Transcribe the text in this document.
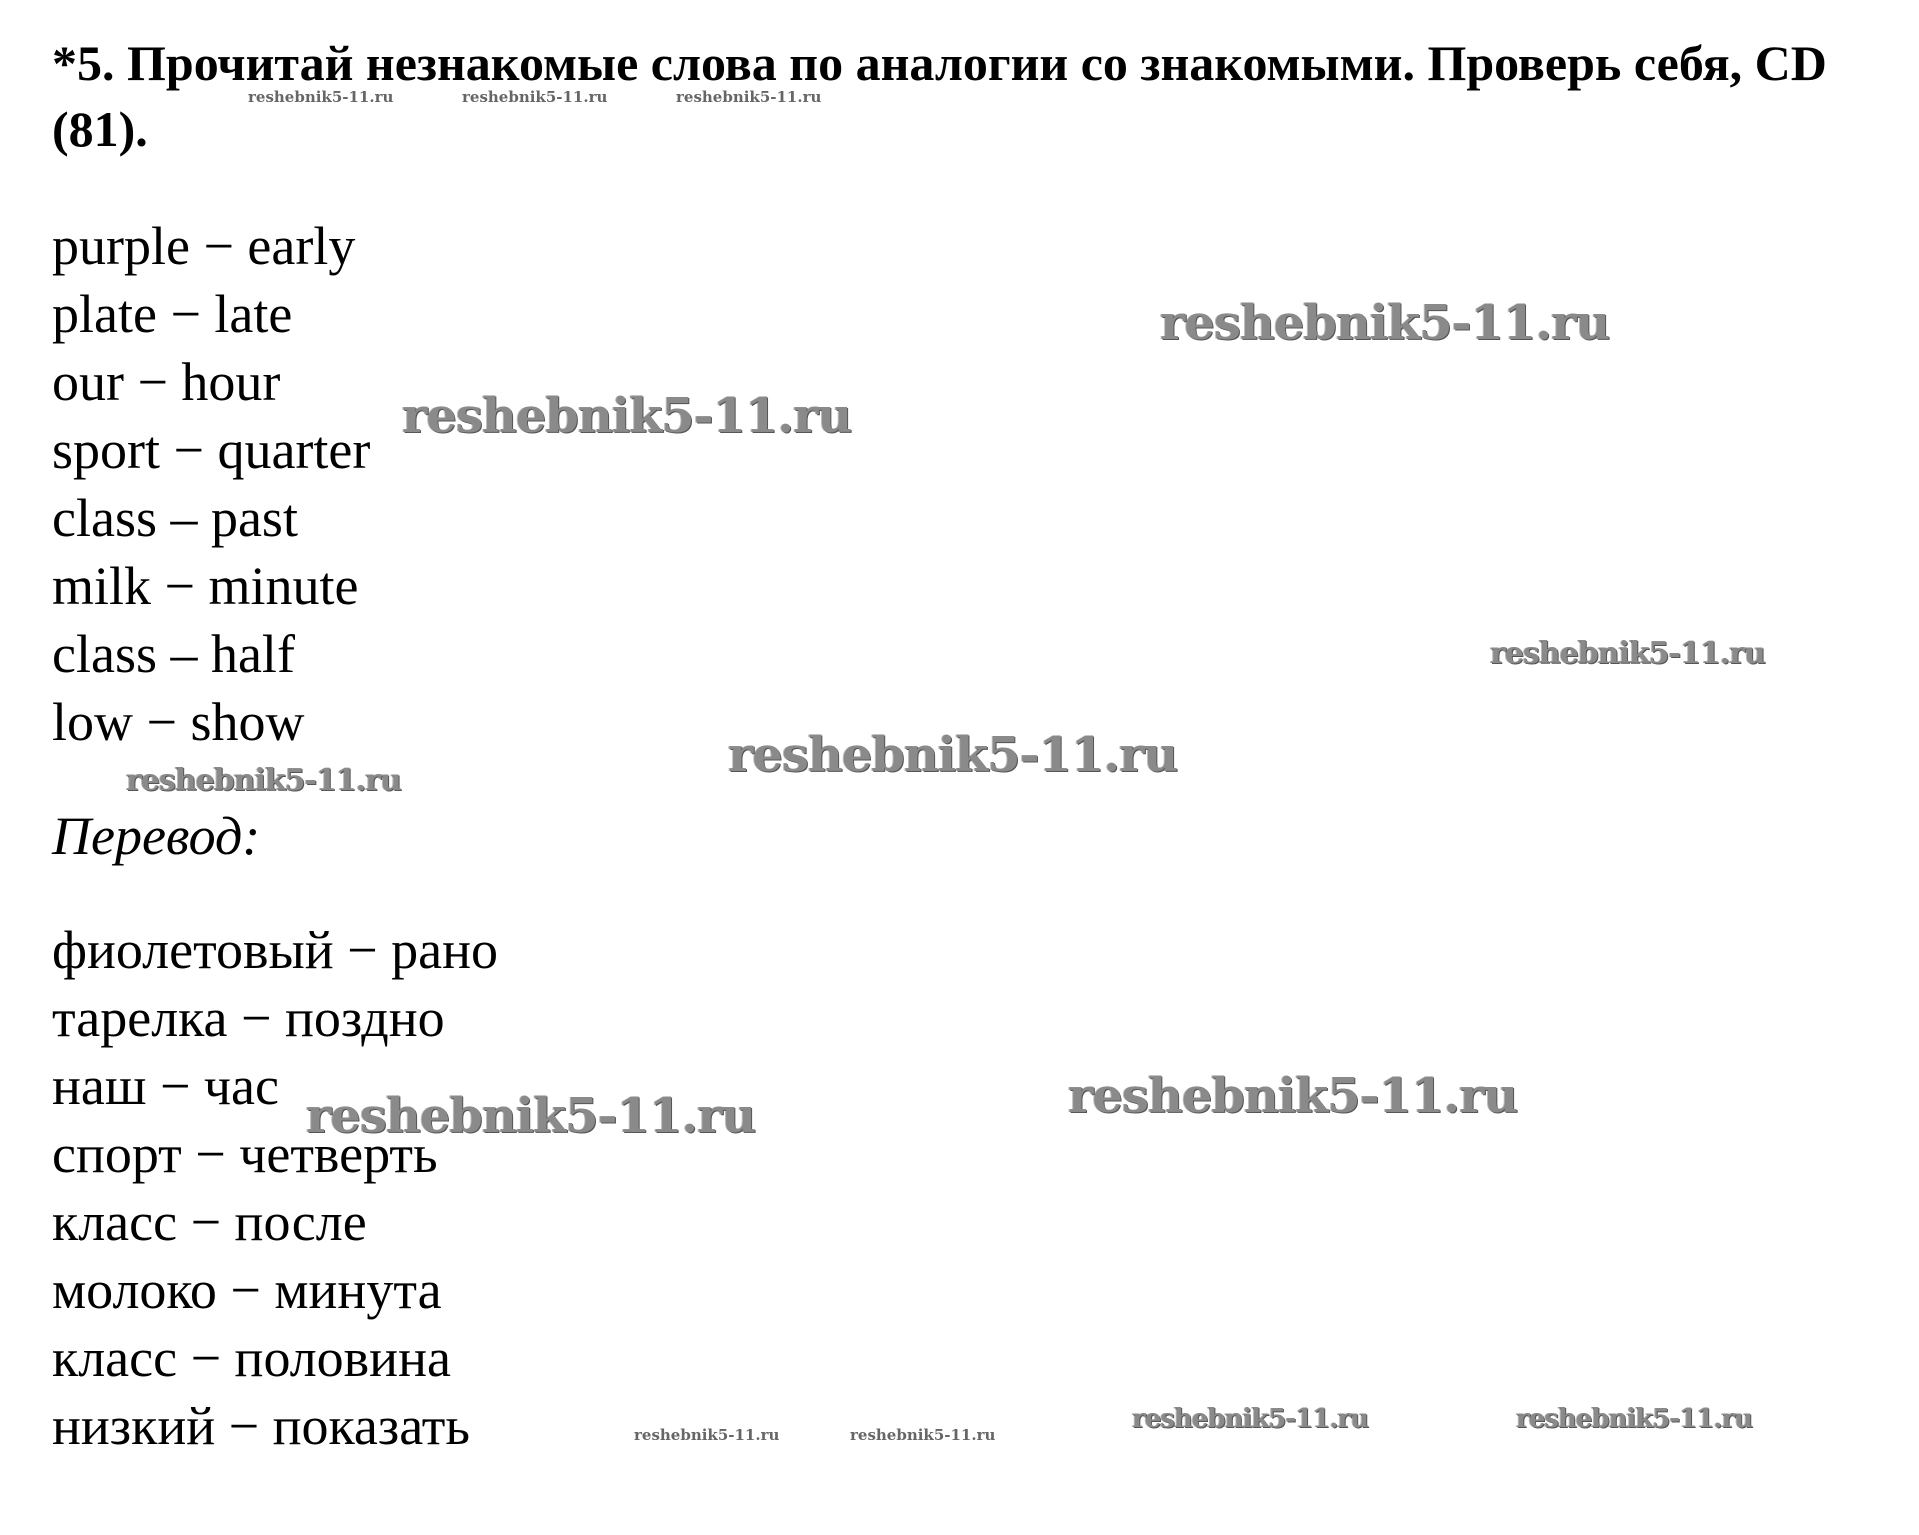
*5. Прочитай незнакомые слова по аналогии со знакомыми. Проверь себя, CD (81).
purple − early
plate − late
our − hour
sport − quarter
class – past
milk − minute
class – half
low − show

Перевод:

фиолетовый − рано
тарелка − поздно
наш − час
спорт − четверть
класс − после
молоко − минута
класс − половина
низкий − показать
reshebnik5-11.ru	reshebnik5-11.ru	reshebnik5-11.ru
reshebnik5-11.ru
reshebnik5-11.ru
reshebnik5-11.ru
reshebnik5-11.ru
reshebnik5-11.ru
reshebnik5-11.ru
reshebnik5-11.ru
reshebnik5-11.ru	reshebnik5-11.ru
reshebnik5-11.ru	reshebnik5-11.ru
